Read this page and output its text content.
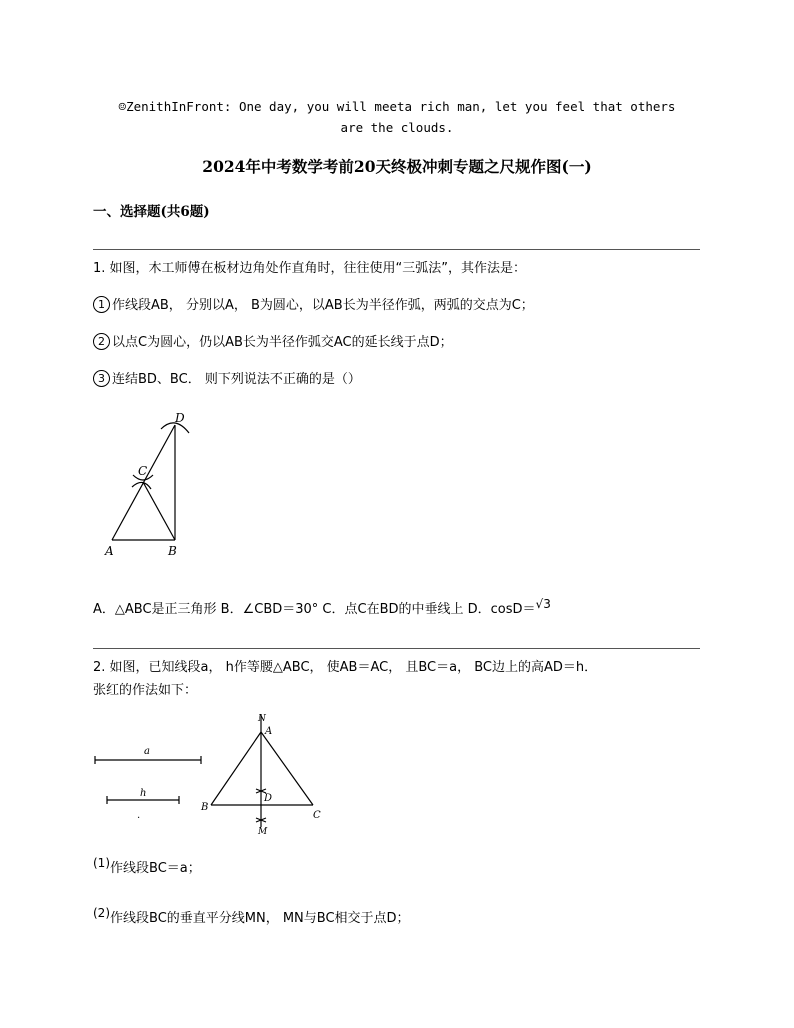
☺ZenithInFront: One day, you will meeta rich man, let you feel that others
are the clouds.
2024年中考数学考前20天终极冲刺专题之尺规作图(一)
一、选择题(共6题)
1. 如图，木工师傅在板材边角处作直角时，往往使用“三弧法”，其作法是：
1 作线段AB， 分别以A， B为圆心，以AB长为半径作弧，两弧的交点为C；
2 以点C为圆心，仍以AB长为半径作弧交AC的延长线于点D；
3 连结BD、BC． 则下列说法不正确的是（）
A	B
C
D
A．△ABC是正三角形 B．∠CBD＝30° C．点C在BD的中垂线上 D．cosD＝√3
2. 如图，已知线段a， h作等腰△ABC， 使AB＝AC， 且BC＝a， BC边上的高AD＝h．
张红的作法如下：
a
h
.
N
A
B
C
D
M
(1)作线段BC＝a；
(2)作线段BC的垂直平分线MN， MN与BC相交于点D；
